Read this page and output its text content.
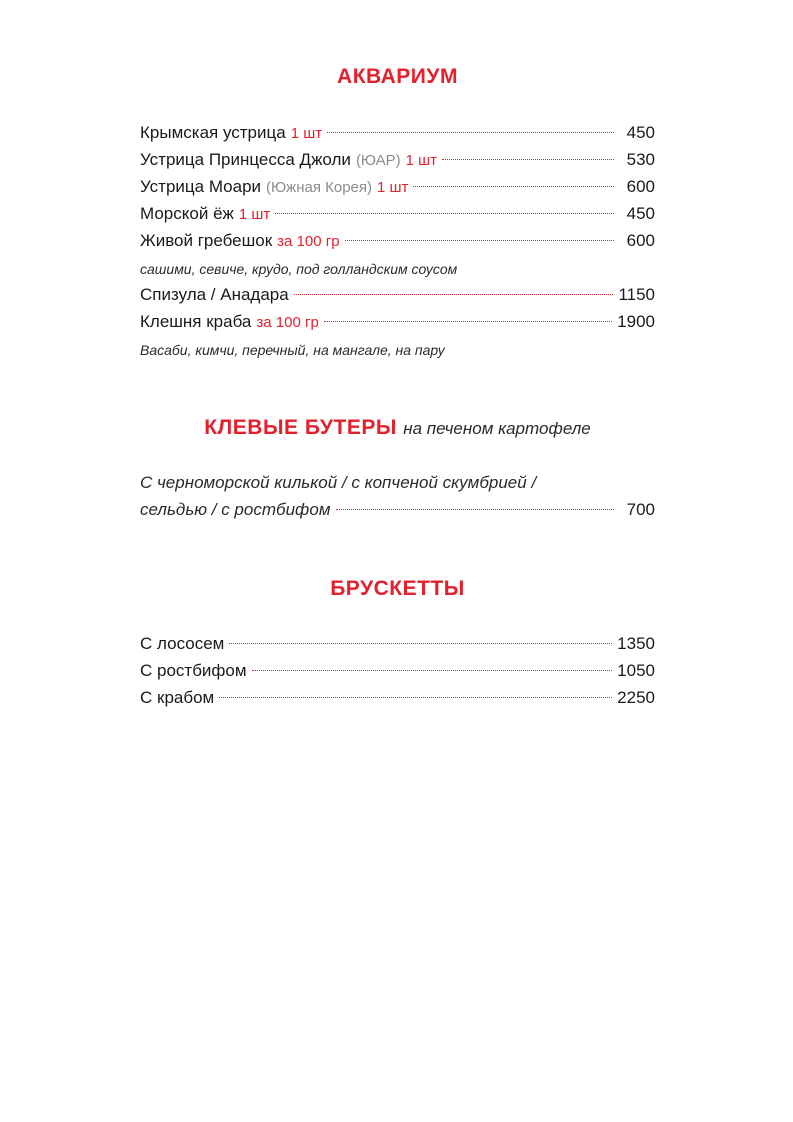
АКВАРИУМ
Крымская устрица 1 шт	450
Устрица Принцесса Джоли (ЮАР) 1 шт	530
Устрица Моари (Южная Корея) 1 шт	600
Морской ёж 1 шт	450
Живой гребешок за 100 гр	600
сашими, севиче, крудо, под голландским соусом
Спизула / Анадара	1150
Клешня краба за 100 гр	1900
Васаби, кимчи, перечный, на мангале, на пару
КЛЕВЫЕ БУТЕРЫ на печеном картофеле
С черноморской килькой / с копченой скумбрией /
сельдью / с ростбифом	700
БРУСКЕТТЫ
С лососем	1350
С ростбифом	1050
С крабом	2250
